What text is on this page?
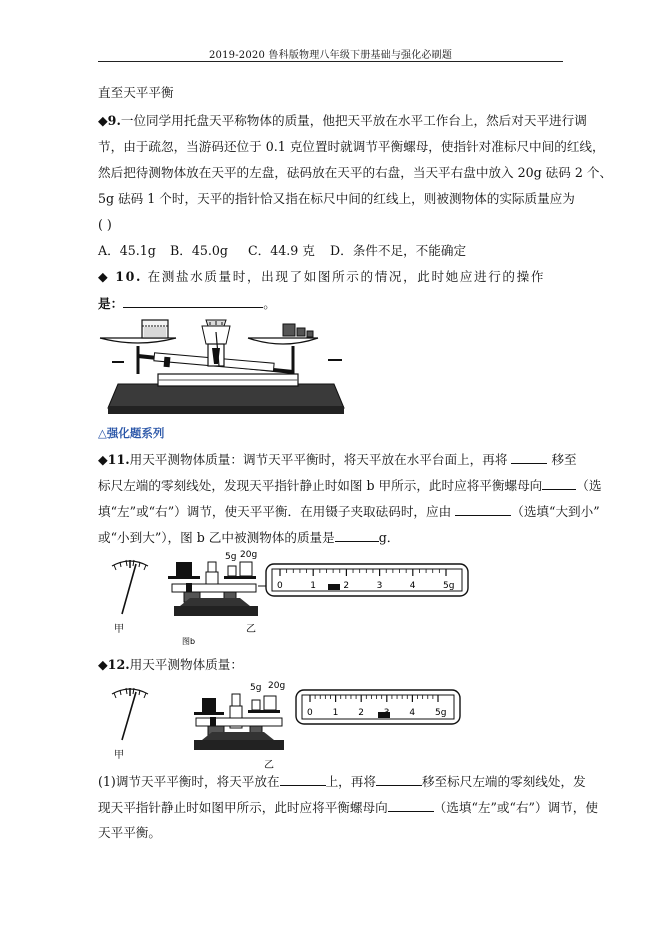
2019-2020 鲁科版物理八年级下册基础与强化必刷题
直至天平平衡
◆9.一位同学用托盘天平称物体的质量，他把天平放在水平工作台上，然后对天平进行调
节，由于疏忽，当游码还位于 0.1 克位置时就调节平衡螺母，使指针对准标尺中间的红线，
然后把待测物体放在天平的左盘，砝码放在天平的右盘，当天平右盘中放入 20g 砝码 2 个、
5g 砝码 1 个时，天平的指针恰又指在标尺中间的红线上，则被测物体的实际质量应为
( )
A．45.1g B．45.0g C．44.9 克 D．条件不足，不能确定
◆ 10. 在测盐水质量时，出现了如图所示的情况，此时她应进行的操作
是：	。
△强化题系列
◆11.用天平测物体质量：调节天平平衡时，将天平放在水平台面上，再将	移至
标尺左端的零刻线处，发现天平指针静止时如图 b 甲所示，此时应将平衡螺母向	（选
填“左”或“右”）调节，使天平平衡．在用镊子夹取砝码时，应由	（选填“大到小”
或“小到大”），图 b 乙中被测物体的质量是	g．
甲
5g 20g
乙
图b
0	1	2	3	4	5g
◆12.用天平测物体质量：
甲
5g 20g
乙
0 1 2	4 5g
(1)调节天平平衡时，将天平放在	上，再将	移至标尺左端的零刻线处，发
现天平指针静止时如图甲所示，此时应将平衡螺母向	（选填“左”或“右”）调节，使
天平平衡。
